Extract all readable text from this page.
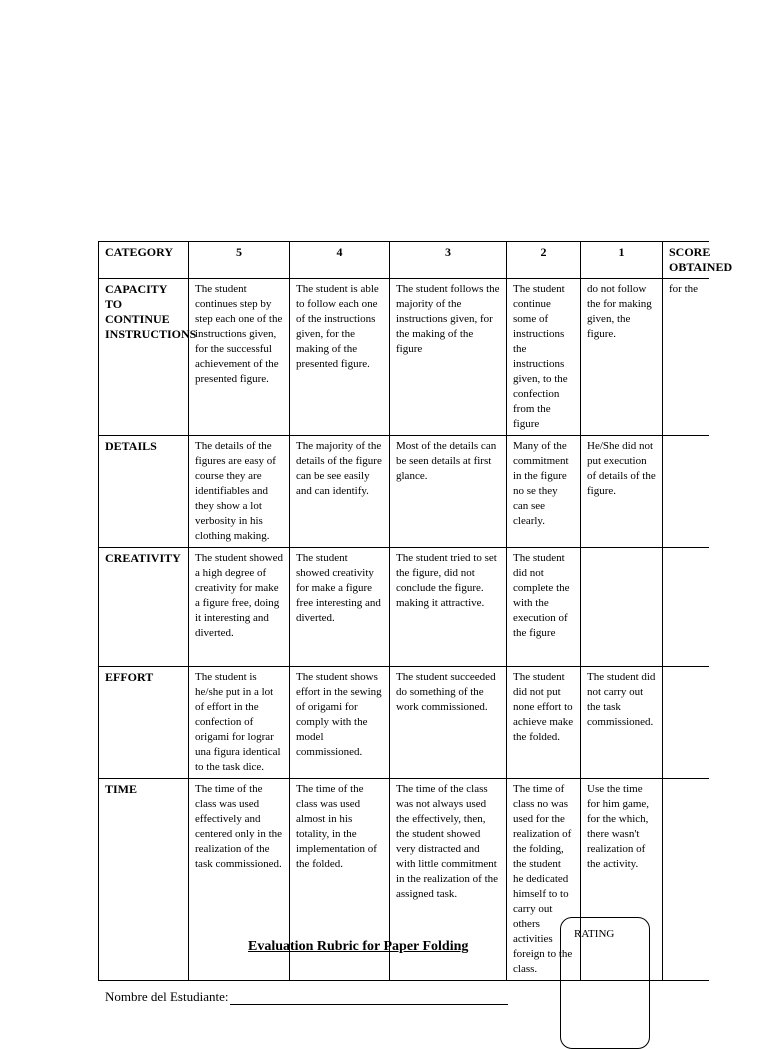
CATEGORY	5	4	3	2	1	SCORE OBTAINED
CAPACITY TO CONTINUE INSTRUCTIONS	The student continues step by step each one of the instructions given, for the successful achievement of the presented figure.	The student is able to follow each one of the instructions given, for the making of the presented figure.	The student follows the majority of the instructions given, for the making of the figure	The student continue some of instructions the instructions given, to the confection from the figure	do not follow the for making given, the figure.	for the
DETAILS	The details of the figures are easy of course they are identifiables and they show a lot verbosity in his clothing making.	The majority of the details of the figure can be see easily and can identify.	Most of the details can be seen details at first glance.	Many of the commitment in the figure no se they can see clearly.	He/She did not put execution of details of the figure.	
CREATIVITY	The student showed a high degree of creativity for make a figure free, doing it interesting and diverted.	The student showed creativity for make a figure free interesting and diverted.	The student tried to set the figure, did not conclude the figure. making it attractive.	The student did not complete the with the execution of the figure		
EFFORT	The student is he/she put in a lot of effort in the confection of origami for lograr una figura identical to the task dice.	The student shows effort in the sewing of origami for comply with the model commissioned.	The student succeeded do something of the work commissioned.	The student did not put none effort to achieve make the folded.	The student did not carry out the task commissioned.	
TIME	The time of the class was used effectively and centered only in the realization of the task commissioned.	The time of the class was used almost in his totality, in the implementation of the folded.	The time of the class was not always used the effectively, then, the student showed very distracted and with little commitment in the realization of the assigned task.	The time of class no was used for the realization of the folding, the student he dedicated himself to to carry out others activities foreign to the class.	Use the time for him game, for the which, there wasn't realization of the activity.	
Evaluation Rubric for Paper Folding
RATING
Nombre del Estudiante:
